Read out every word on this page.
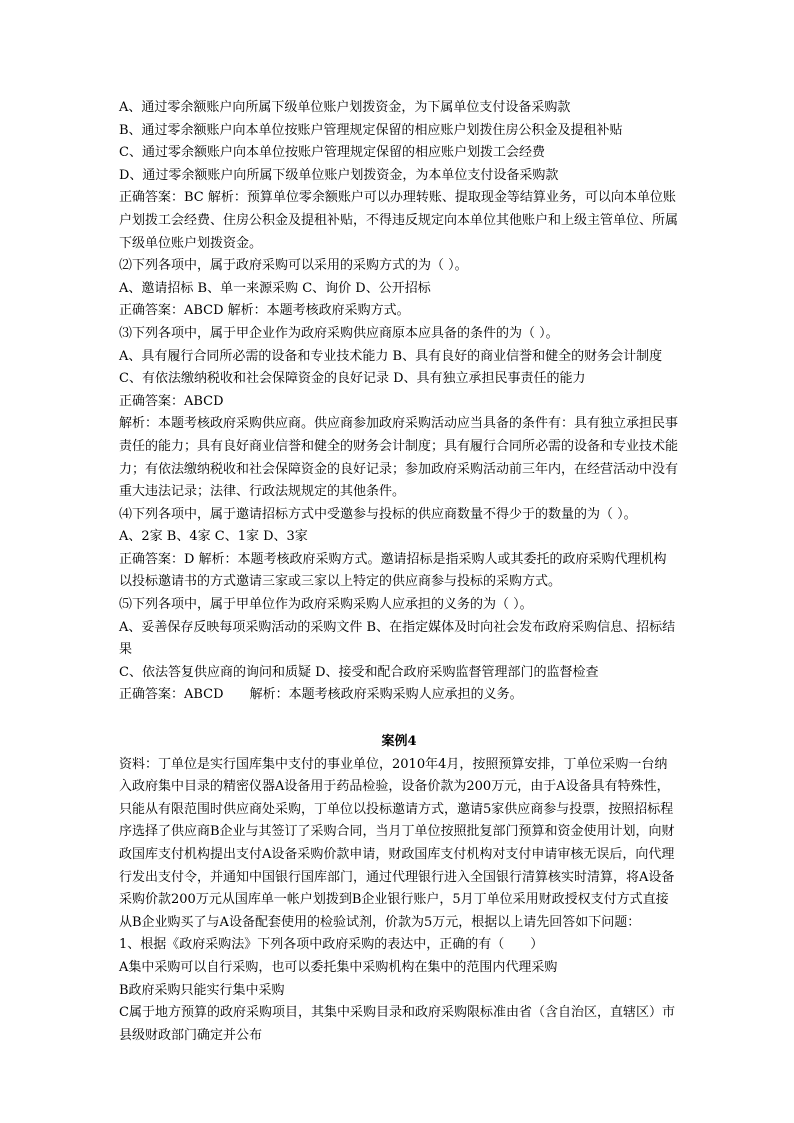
A、通过零余额账户向所属下级单位账户划拨资金，为下属单位支付设备采购款
B、通过零余额账户向本单位按账户管理规定保留的相应账户划拨住房公积金及提租补贴
C、通过零余额账户向本单位按账户管理规定保留的相应账户划拨工会经费
D、通过零余额账户向所属下级单位账户划拨资金，为本单位支付设备采购款
正确答案：BC 解析：预算单位零余额账户可以办理转账、提取现金等结算业务，可以向本单位账户划拨工会经费、住房公积金及提租补贴，不得违反规定向本单位其他账户和上级主管单位、所属下级单位账户划拨资金。
⑵下列各项中，属于政府采购可以采用的采购方式的为（ ）。
A、邀请招标 B、单一来源采购 C、询价 D、公开招标
正确答案：ABCD 解析：本题考核政府采购方式。
⑶下列各项中，属于甲企业作为政府采购供应商原本应具备的条件的为（ ）。
A、具有履行合同所必需的设备和专业技术能力 B、具有良好的商业信誉和健全的财务会计制度
C、有依法缴纳税收和社会保障资金的良好记录 D、具有独立承担民事责任的能力
正确答案：ABCD
解析：本题考核政府采购供应商。供应商参加政府采购活动应当具备的条件有：具有独立承担民事责任的能力；具有良好商业信誉和健全的财务会计制度；具有履行合同所必需的设备和专业技术能力；有依法缴纳税收和社会保障资金的良好记录；参加政府采购活动前三年内，在经营活动中没有重大违法记录；法律、行政法规规定的其他条件。
⑷下列各项中，属于邀请招标方式中受邀参与投标的供应商数量不得少于的数量的为（ ）。
A、2家 B、4家 C、1家 D、3家
正确答案：D 解析：本题考核政府采购方式。邀请招标是指采购人或其委托的政府采购代理机构以投标邀请书的方式邀请三家或三家以上特定的供应商参与投标的采购方式。
⑸下列各项中，属于甲单位作为政府采购采购人应承担的义务的为（ ）。
A、妥善保存反映每项采购活动的采购文件 B、在指定媒体及时向社会发布政府采购信息、招标结果
C、依法答复供应商的询问和质疑 D、接受和配合政府采购监督管理部门的监督检查
正确答案：ABCD 解析：本题考核政府采购采购人应承担的义务。
案例4
资料：丁单位是实行国库集中支付的事业单位，2010年4月，按照预算安排，丁单位采购一台纳入政府集中目录的精密仪器A设备用于药品检验，设备价款为200万元，由于A设备具有特殊性，只能从有限范围时供应商处采购，丁单位以投标邀请方式，邀请5家供应商参与投票，按照招标程序选择了供应商B企业与其签订了采购合同，当月丁单位按照批复部门预算和资金使用计划，向财政国库支付机构提出支付A设备采购价款申请，财政国库支付机构对支付申请审核无误后，向代理行发出支付令，并通知中国银行国库部门，通过代理银行进入全国银行清算核实时清算，将A设备采购价款200万元从国库单一帐户划拨到B企业银行账户，5月丁单位采用财政授权支付方式直接从B企业购买了与A设备配套使用的检验试剂，价款为5万元，根据以上请先回答如下问题：
1、根据《政府采购法》下列各项中政府采购的表达中，正确的有（　　）
A集中采购可以自行采购，也可以委托集中采购机构在集中的范围内代理采购
B政府采购只能实行集中采购
C属于地方预算的政府采购项目，其集中采购目录和政府采购限标准由省（含自治区，直辖区）市县级财政部门确定并公布
